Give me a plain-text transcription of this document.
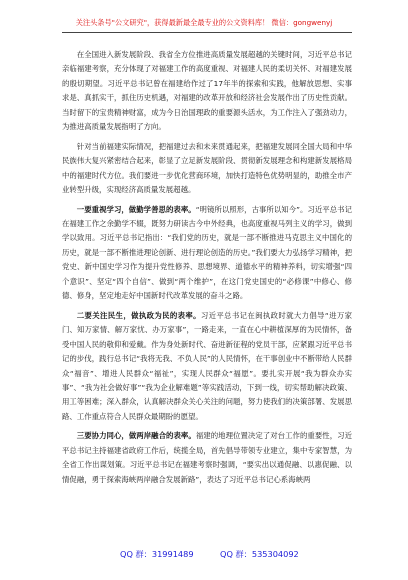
关注头条号"公文研究"，获得最新最全最专业的公文资料库！ 微信：gongwenyj

在全国进入新发展阶段、我省全方位推进高质量发展超越的关键时间，习近平总书记亲临福建考察，充分体现了对福建工作的高度重视、对福建人民的柔切关怀、对福建发展的殷切期望。习近平总书记曾在福建给作过了17年半的探索和实践，他解放思想、实事求是、真抓实干，抓住历史机遇，对福建的改革开放和经济社会发展作出了历史性贡献。当时留下的宝贵精神财富，成为今日治国理政的重要源头活水，为工作注入了强劲动力，为推进高质量发展指明了方向。

针对当前福建实际情况，把福建过去和未来贯通起来，把福建发展同全国大局和中华民族伟大复兴紧密结合起来，彰显了立足新发展阶段、贯彻新发展理念和构建新发展格局中的福建时代方位。我们要进一步优化营商环境，加快打造特色优势明显的，助推全市产业转型升级，实现经济高质量发展超越。

一要重视学习，做勤学善思的表率。“明镜所以照形，古事所以知今”。习近平总书记在福建工作之余勤学不辍，既努力研读古今中外经典，也高度重视马列主义的学习，做到学以致用。习近平总书记指出：“我们党的历史，就是一部不断推进马克思主义中国化的历史，就是一部不断推进理论创新、进行理论创造的历史。”我们要大力弘扬学习精神，把党史、新中国史学习作为提升党性修养、思想境界、道德水平的精神养料，切实增强“四个意识”、坚定“四个自信”、做到“两个维护”，在这门党史国史的“必修课”中修心、修德、修身，坚定地走好中国新时代改革发展的奋斗之路。

二要关注民生，做执政为民的表率。习近平总书记在闽执政时就大力倡导“进万家门、知万家情、解万家忧、办万家事”，一路走来，一直在心中耕植深厚的为民情怀，备受中国人民的敬仰和爱戴。作为身处新时代、奋进新征程的党员干部，应紧跟习近平总书记的步伐，践行总书记“我将无我、不负人民”的人民情怀，在干事创业中不断带给人民群众“福音”、增进人民群众“福祉”，实现人民群众“福愿”。要扎实开展“我为群众办实事”、“我为社会做好事”“我为企业解难题”等实践活动，下到一线，切实帮助解决政策、用工等困难；深入群众，认真解决群众关心关注的问题，努力使我们的决策部署、发展思路、工作重点符合人民群众最期盼的愿望。

三要协力同心，做两岸融合的表率。福建的地理位置决定了对台工作的重要性，习近平总书记主持福建省政府工作后，统揽全局，首先倡导带领专业建立，集中专家智慧，为全省工作出谋划策。习近平总书记在福建考察时强调，“要实出以通促融、以惠促融、以情促融，勇于探索海峡两岸融合发展新路”，表达了习近平总书记心系海峡两

QQ 群：31991489	QQ 群：535304092
